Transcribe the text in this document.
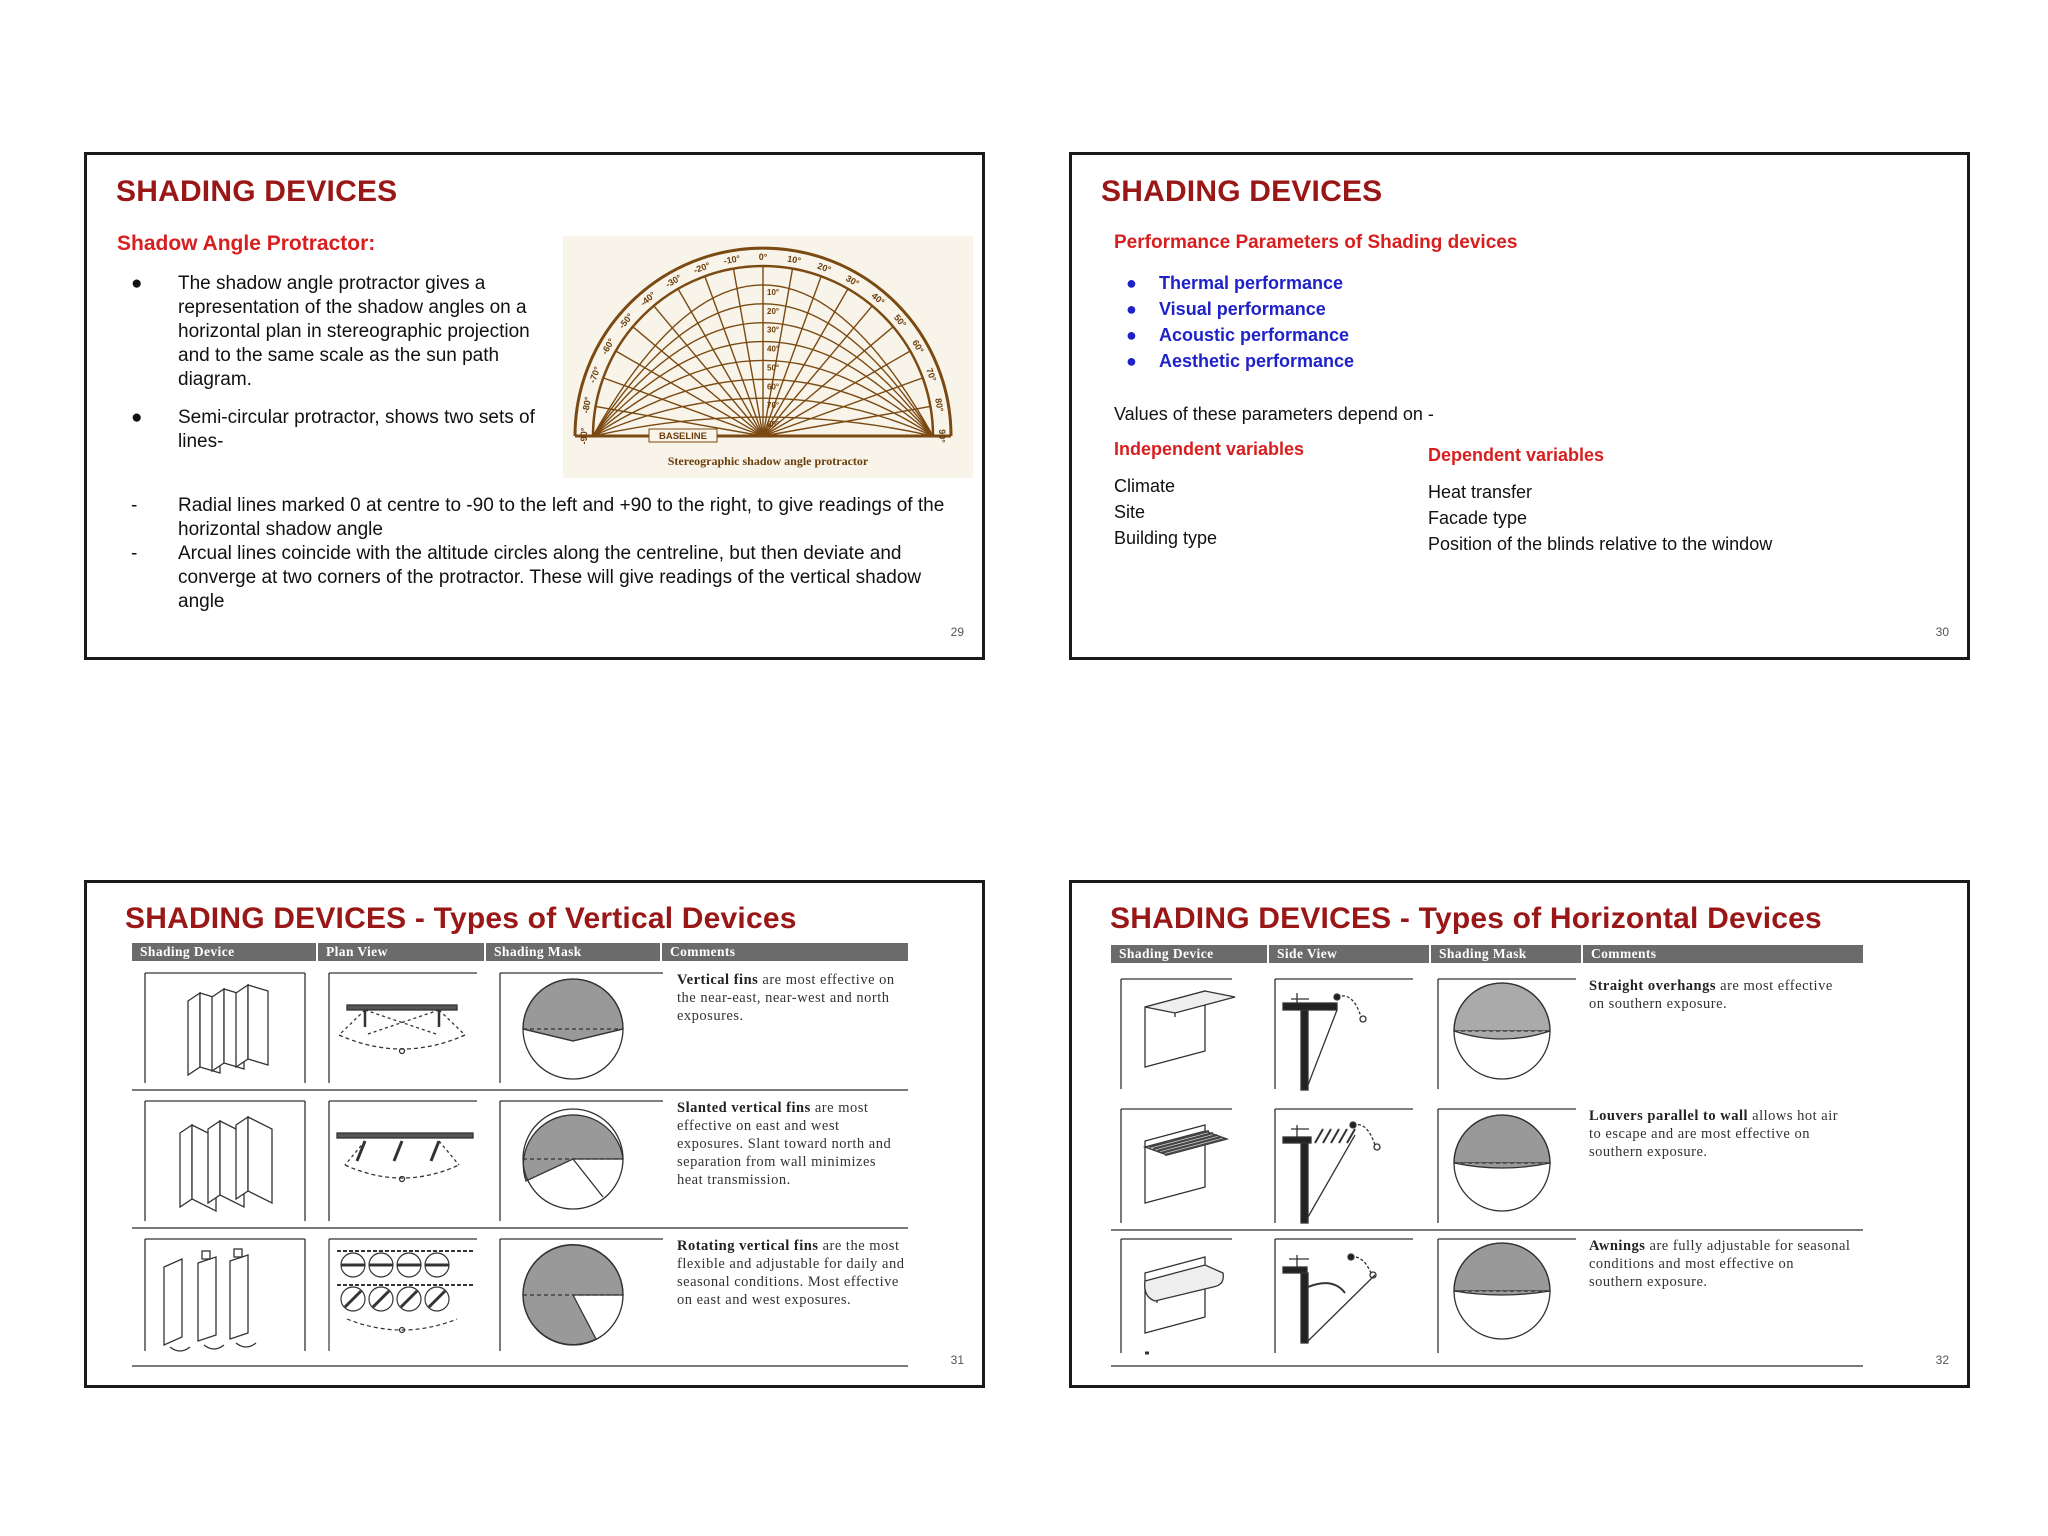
SHADING DEVICES
Shadow Angle Protractor:
● The shadow angle protractor gives a representation of the shadow angles on a horizontal plan in stereographic projection and to the same scale as the sun path diagram.
● Semi-circular protractor, shows two sets of lines-
-10°
-20°
-30°
-40°
-50°
-60°
-70°
-80°
-90°
0° 10°
20°
30°
40°
50°
60°
70°
80°
90°
10°
20°
30°
40°
50°
60°
70°
80°
BASELINE
Stereographic shadow angle protractor
- Radial lines marked 0 at centre to -90 to the left and +90 to the right, to give readings of the horizontal shadow angle
- Arcual lines coincide with the altitude circles along the centreline, but then deviate and converge at two corners of the protractor. These will give readings of the vertical shadow angle
29
SHADING DEVICES
Performance Parameters of Shading devices
● Thermal performance
● Visual performance
● Acoustic performance
● Aesthetic performance
Values of these parameters depend on -
Independent variables
Climate
Site
Building type
Dependent variables
Heat transfer
Facade type
Position of the blinds relative to the window
30
SHADING DEVICES - Types of Vertical Devices
Shading Device	Plan View	Shading Mask	Comments
Vertical fins are most effective on the near-east, near-west and north exposures.
Slanted vertical fins are most effective on east and west exposures. Slant toward north and separation from wall minimizes heat transmission.
Rotating vertical fins are the most flexible and adjustable for daily and seasonal conditions. Most effective on east and west exposures.
31
SHADING DEVICES - Types of Horizontal Devices
Shading Device	Side View	Shading Mask	Comments
Straight overhangs are most effective on southern exposure.
Louvers parallel to wall allows hot air to escape and are most effective on southern exposure.
Awnings are fully adjustable for seasonal conditions and most effective on southern exposure.
32
